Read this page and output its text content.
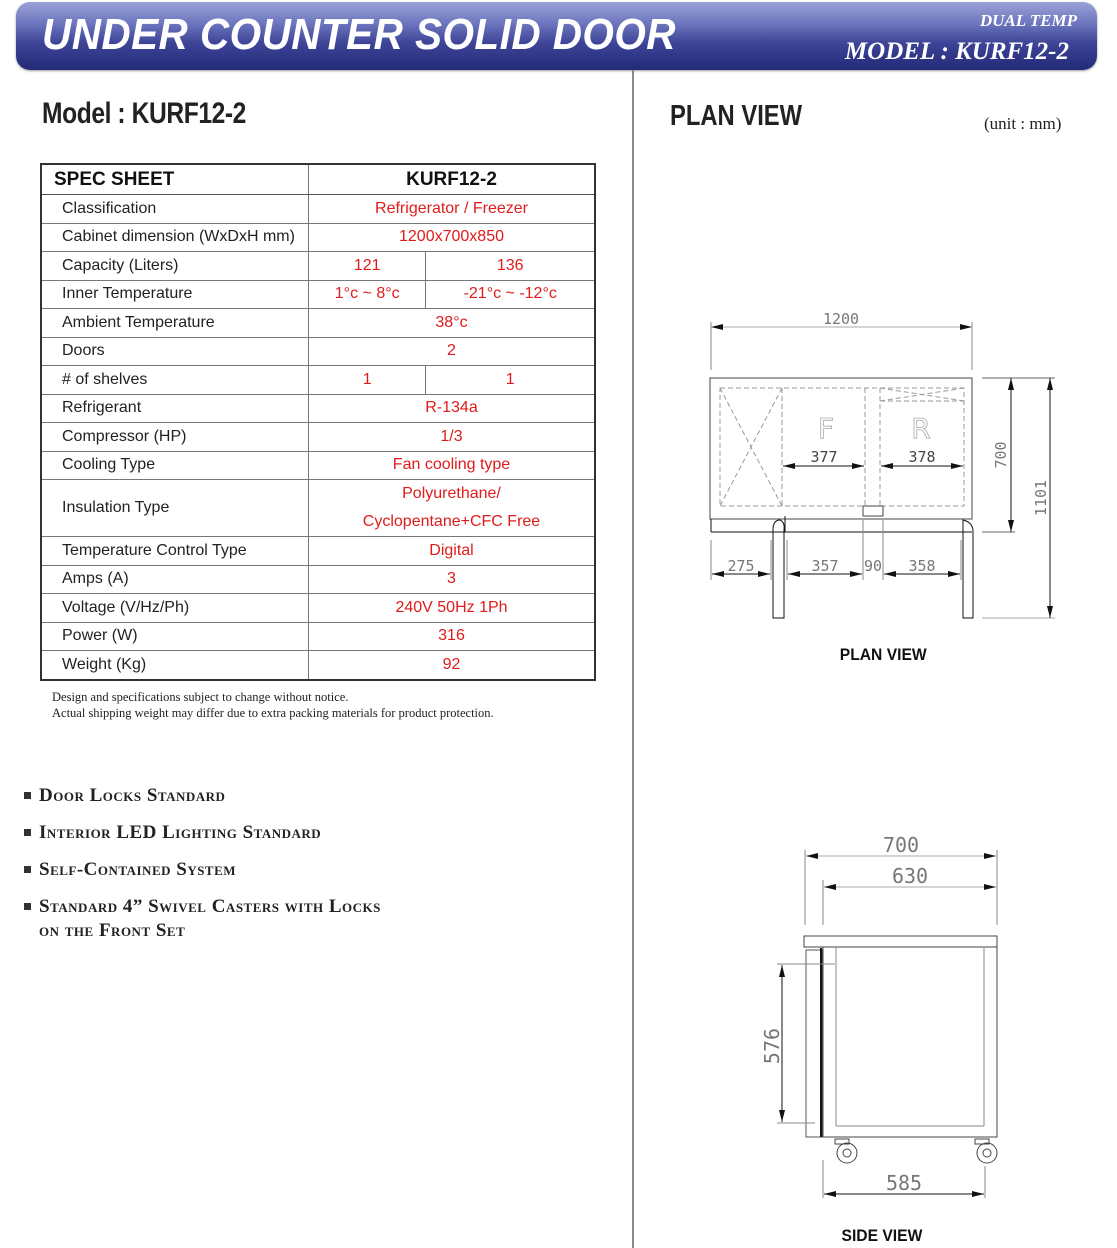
UNDER COUNTER SOLID DOOR	DUAL TEMP
MODEL : KURF12-2
Model : KURF12-2
SPEC SHEET	KURF12-2	
Classification	Refrigerator / Freezer	
Cabinet dimension (WxDxH mm)	1200x700x850	
Capacity (Liters)	121	136
Inner Temperature	1°c ~ 8°c	-21°c ~ -12°c
Ambient Temperature	38°c	
Doors	2	
# of shelves	1	1
Refrigerant	R-134a	
Compressor (HP)	1/3	
Cooling Type	Fan cooling type	
Insulation Type	Polyurethane/
Cyclopentane+CFC Free	

Temperature Control Type	Digital	
Amps (A)	3	
Voltage (V/Hz/Ph)	240V 50Hz 1Ph	
Power (W)	316	
Weight (Kg)	92	
Design and specifications subject to change without notice.
Actual shipping weight may differ due to extra packing materials for product protection.
Door Locks Standard
Interior LED Lighting Standard
Self-Contained System
Standard 4” Swivel Casters with Locks
on the Front Set
PLAN VIEW	(unit : mm)
1200
F	R
377	378	700
1101
275	357 90 358
700
630
576
585
PLAN VIEW
SIDE VIEW
